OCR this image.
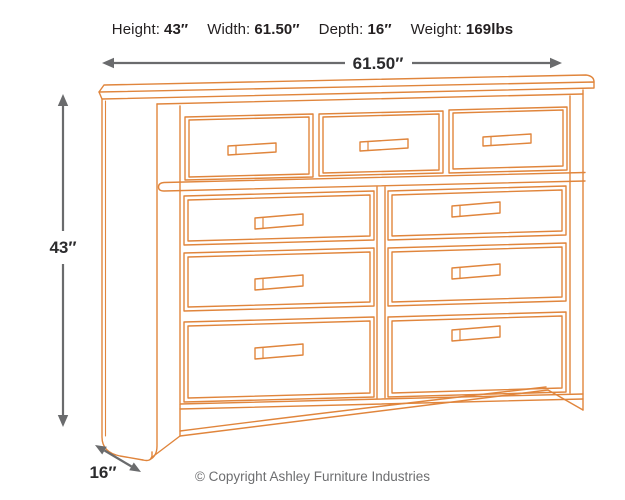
Height: 43″ Width: 61.50″ Depth: 16″ Weight: 169lbs
61.50″
43″
16″	© Copyright Ashley Furniture Industries
